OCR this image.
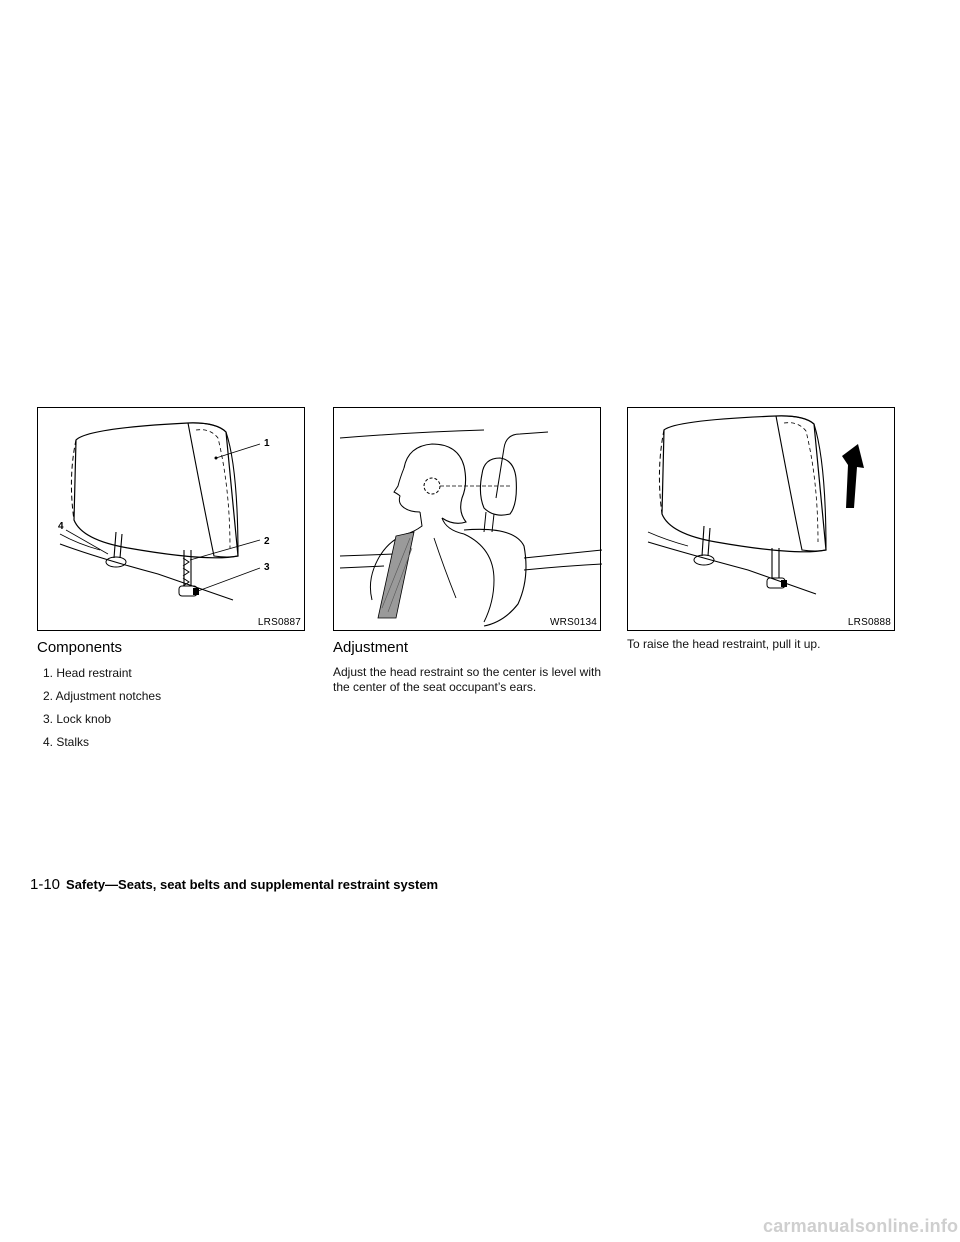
1
2
3
4
LRS0887
Components
1. Head restraint
2. Adjustment notches
3. Lock knob
4. Stalks
WRS0134
Adjustment

Adjust the head restraint so the center is level with the center of the seat occupant’s ears.

LRS0888

To raise the head restraint, pull it up.

1-10 Safety—Seats, seat belts and supplemental restraint system
carmanualsonline.info
